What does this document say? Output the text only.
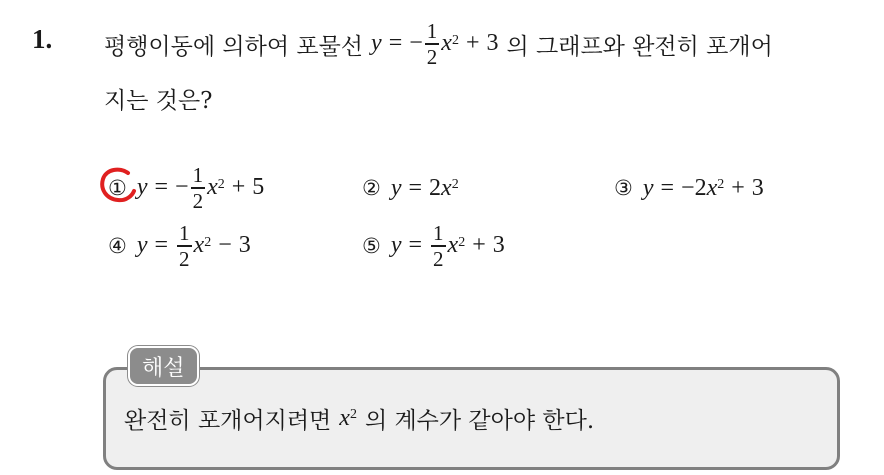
1. 평행이동에 의하여 포물선 y = − $\frac{1}{2} x^2 + 3$ 의 그래프와 완전히 포개어
지는 것은?
① y = − $\frac{1}{2} x^2 + 5$	② y = 2 $x^2$	③ y = −2 $x^2 + 3$
④ $y = \frac{1}{2} x^2 - 3$	⑤ $y = \frac{1}{2} x^2 + 3$
해설
완전히 포개어지려면 $x^2$ 의 계수가 같아야 한다.
